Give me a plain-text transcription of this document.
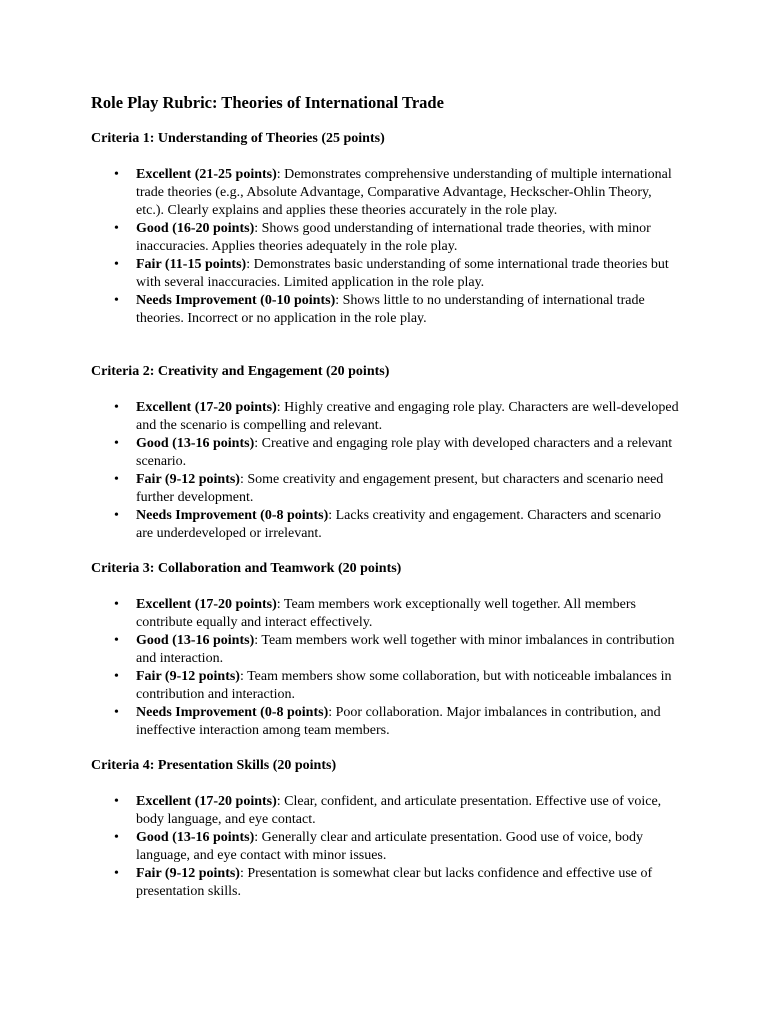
Role Play Rubric: Theories of International Trade
Criteria 1: Understanding of Theories (25 points)
• Excellent (21-25 points): Demonstrates comprehensive understanding of multiple international trade theories (e.g., Absolute Advantage, Comparative Advantage, Heckscher-Ohlin Theory, etc.). Clearly explains and applies these theories accurately in the role play.
• Good (16-20 points): Shows good understanding of international trade theories, with minor inaccuracies. Applies theories adequately in the role play.
• Fair (11-15 points): Demonstrates basic understanding of some international trade theories but with several inaccuracies. Limited application in the role play.
• Needs Improvement (0-10 points): Shows little to no understanding of international trade theories. Incorrect or no application in the role play.
Criteria 2: Creativity and Engagement (20 points)
• Excellent (17-20 points): Highly creative and engaging role play. Characters are well-developed and the scenario is compelling and relevant.
• Good (13-16 points): Creative and engaging role play with developed characters and a relevant scenario.
• Fair (9-12 points): Some creativity and engagement present, but characters and scenario need further development.
• Needs Improvement (0-8 points): Lacks creativity and engagement. Characters and scenario are underdeveloped or irrelevant.
Criteria 3: Collaboration and Teamwork (20 points)
• Excellent (17-20 points): Team members work exceptionally well together. All members contribute equally and interact effectively.
• Good (13-16 points): Team members work well together with minor imbalances in contribution and interaction.
• Fair (9-12 points): Team members show some collaboration, but with noticeable imbalances in contribution and interaction.
• Needs Improvement (0-8 points): Poor collaboration. Major imbalances in contribution, and ineffective interaction among team members.
Criteria 4: Presentation Skills (20 points)
• Excellent (17-20 points): Clear, confident, and articulate presentation. Effective use of voice, body language, and eye contact.
• Good (13-16 points): Generally clear and articulate presentation. Good use of voice, body language, and eye contact with minor issues.
• Fair (9-12 points): Presentation is somewhat clear but lacks confidence and effective use of presentation skills.
